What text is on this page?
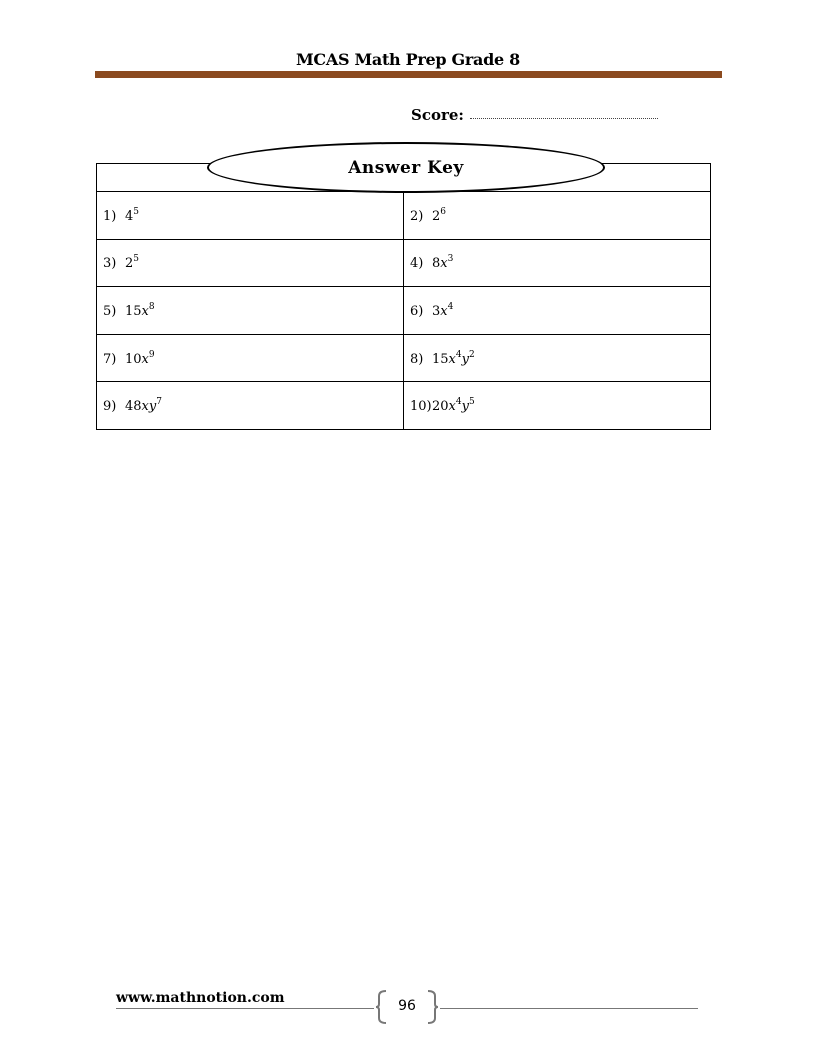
MCAS Math Prep Grade 8
Score:

1) $4^5$	2) $2^6$
3) $2^5$	4) $8x^3$
5) $15x^8$	6) $3x^4$
7) $10x^9$	8) $15x^4y^2$
9) $48xy^7$	$10)20x^4y^5$
Answer Key
www.mathnotion.com	96
